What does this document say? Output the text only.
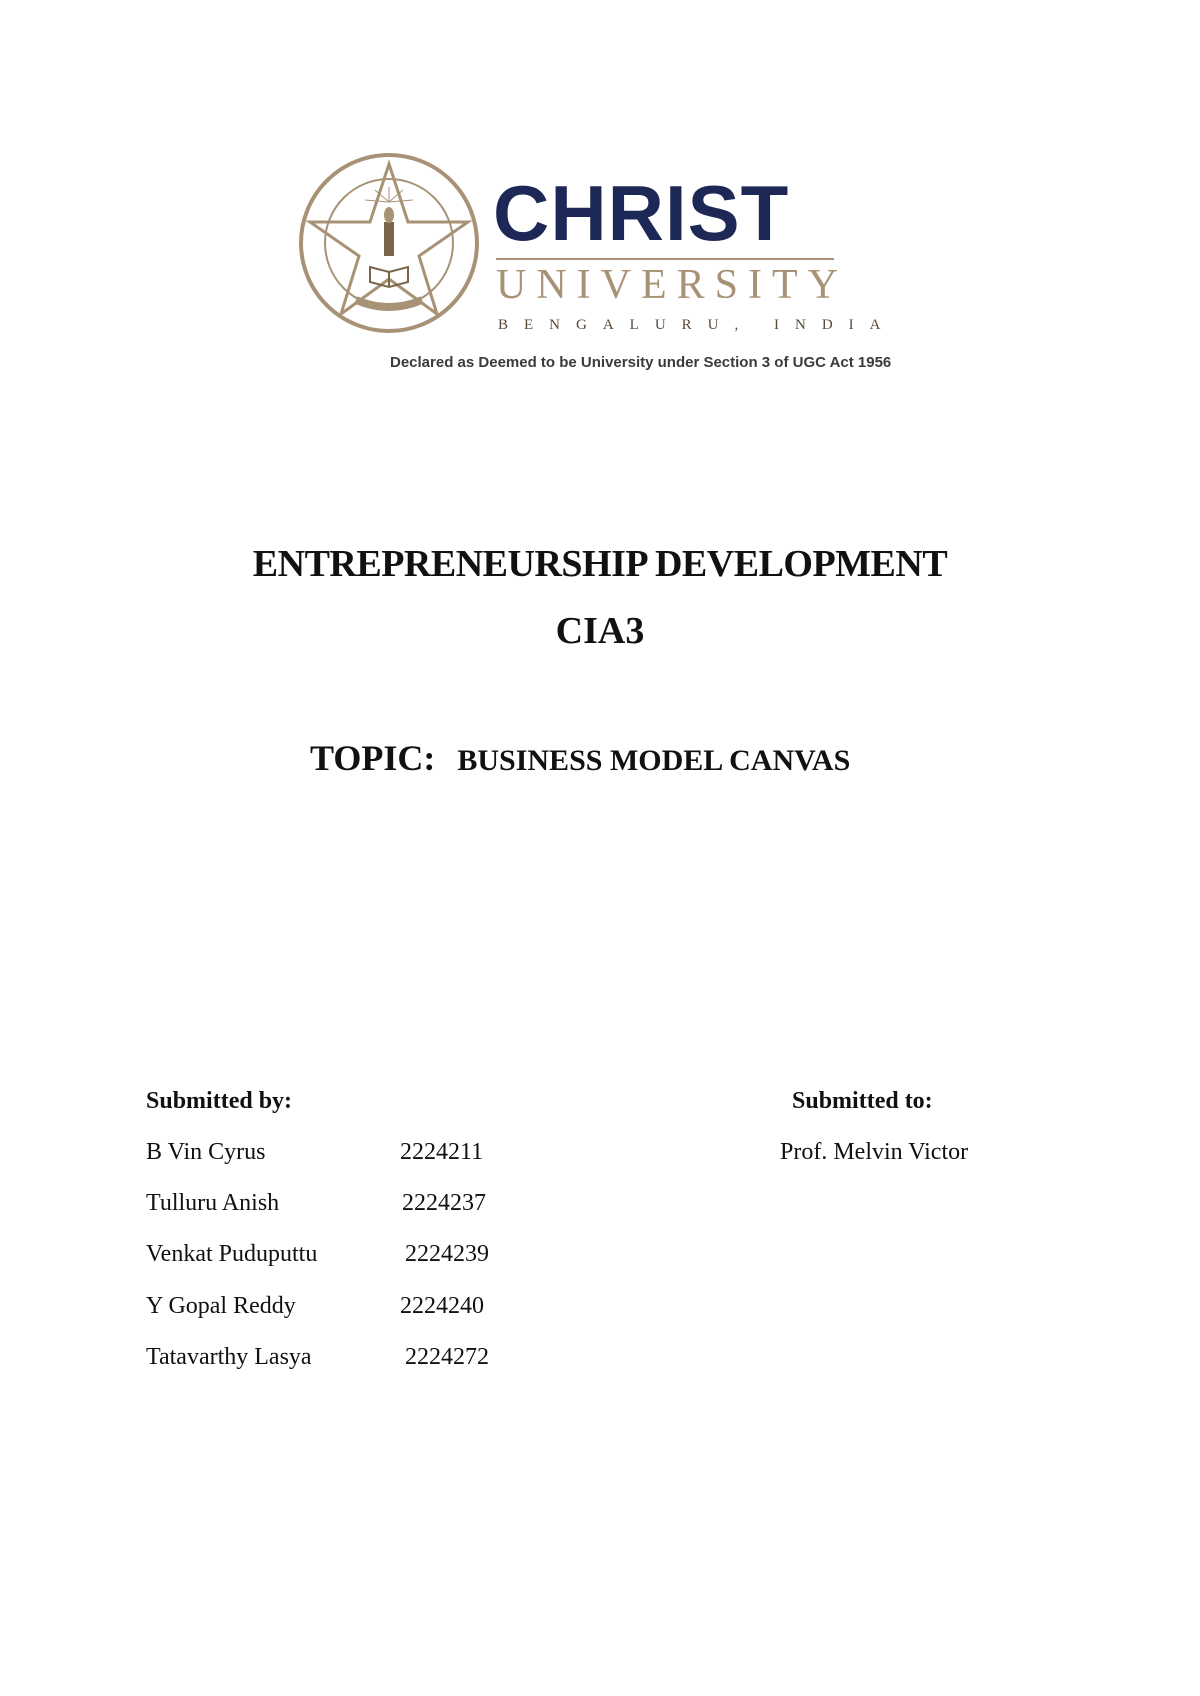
CHRIST
UNIVERSITY
BENGALURU, INDIA
Declared as Deemed to be University under Section 3 of UGC Act 1956
ENTREPRENEURSHIP DEVELOPMENT
CIA3
TOPIC: BUSINESS MODEL CANVAS
Submitted by:	Submitted to:
B Vin Cyrus	2224211
Tulluru Anish	2224237
Venkat Puduputtu	2224239
Y Gopal Reddy	2224240
Tatavarthy Lasya	2224272
Prof. Melvin Victor
